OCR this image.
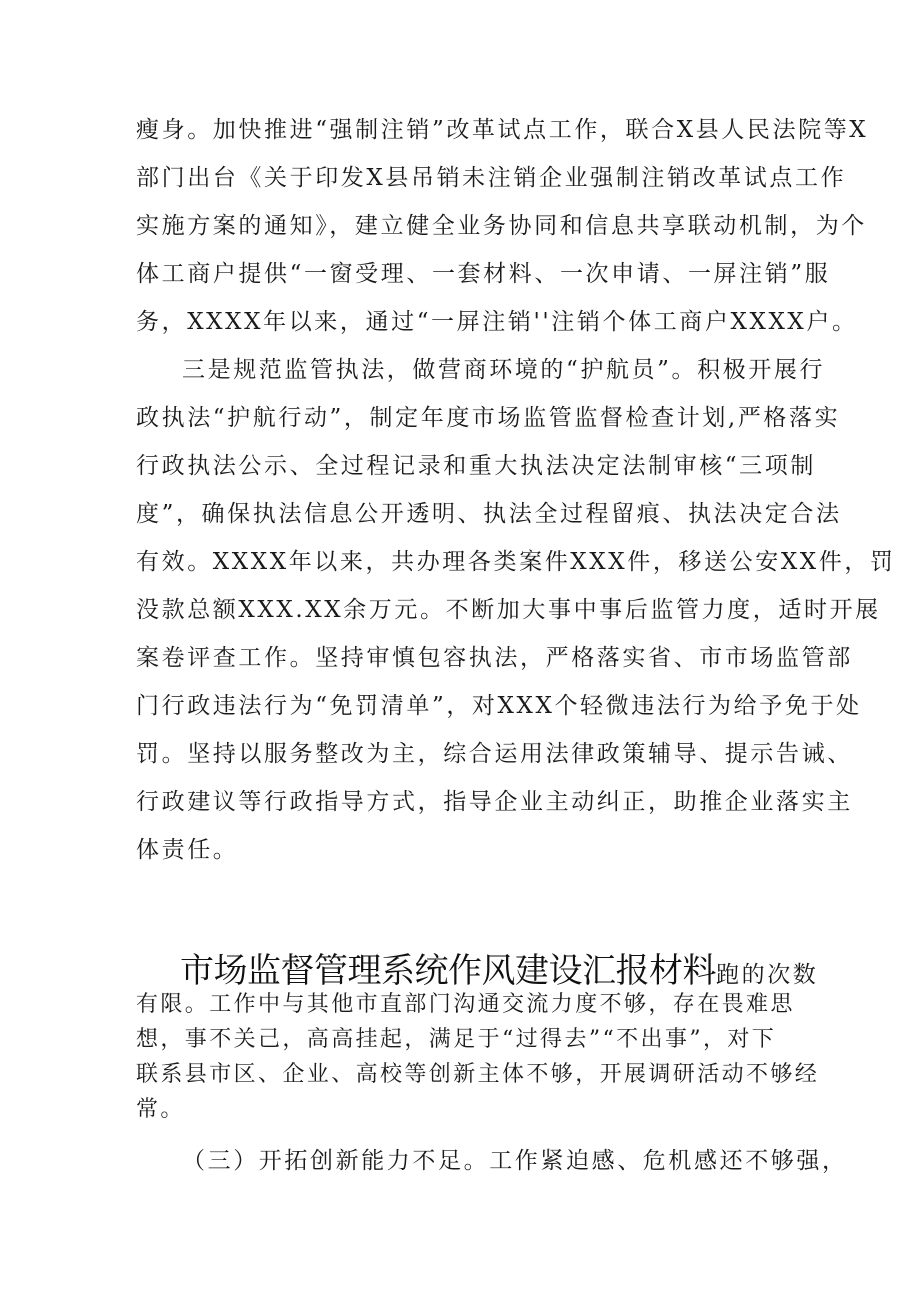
瘦身。加快推进“强制注销”改革试点工作，联合X县人民法院等X
部门出台《关于印发X县吊销未注销企业强制注销改革试点工作
实施方案的通知》，建立健全业务协同和信息共享联动机制，为个
体工商户提供“一窗受理、一套材料、一次申请、一屏注销”服
务，XXXX年以来，通过“一屏注销''注销个体工商户XXXX户。
三是规范监管执法，做营商环境的“护航员”。积极开展行
政执法“护航行动”，制定年度市场监管监督检查计划,严格落实
行政执法公示、全过程记录和重大执法决定法制审核“三项制
度”，确保执法信息公开透明、执法全过程留痕、执法决定合法
有效。XXXX年以来，共办理各类案件XXX件，移送公安XX件，罚
没款总额XXX.XX余万元。不断加大事中事后监管力度，适时开展
案卷评查工作。坚持审慎包容执法，严格落实省、市市场监管部
门行政违法行为“免罚清单”，对XXX个轻微违法行为给予免于处
罚。坚持以服务整改为主，综合运用法律政策辅导、提示告诫、
行政建议等行政指导方式，指导企业主动纠正，助推企业落实主
体责任。
市场监督管理系统作风建设汇报材料跑的次数
有限。工作中与其他市直部门沟通交流力度不够，存在畏难思
想，事不关己，高高挂起，满足于“过得去”“不出事”，对下
联系县市区、企业、高校等创新主体不够，开展调研活动不够经
常。
（三）开拓创新能力不足。工作紧迫感、危机感还不够强，
